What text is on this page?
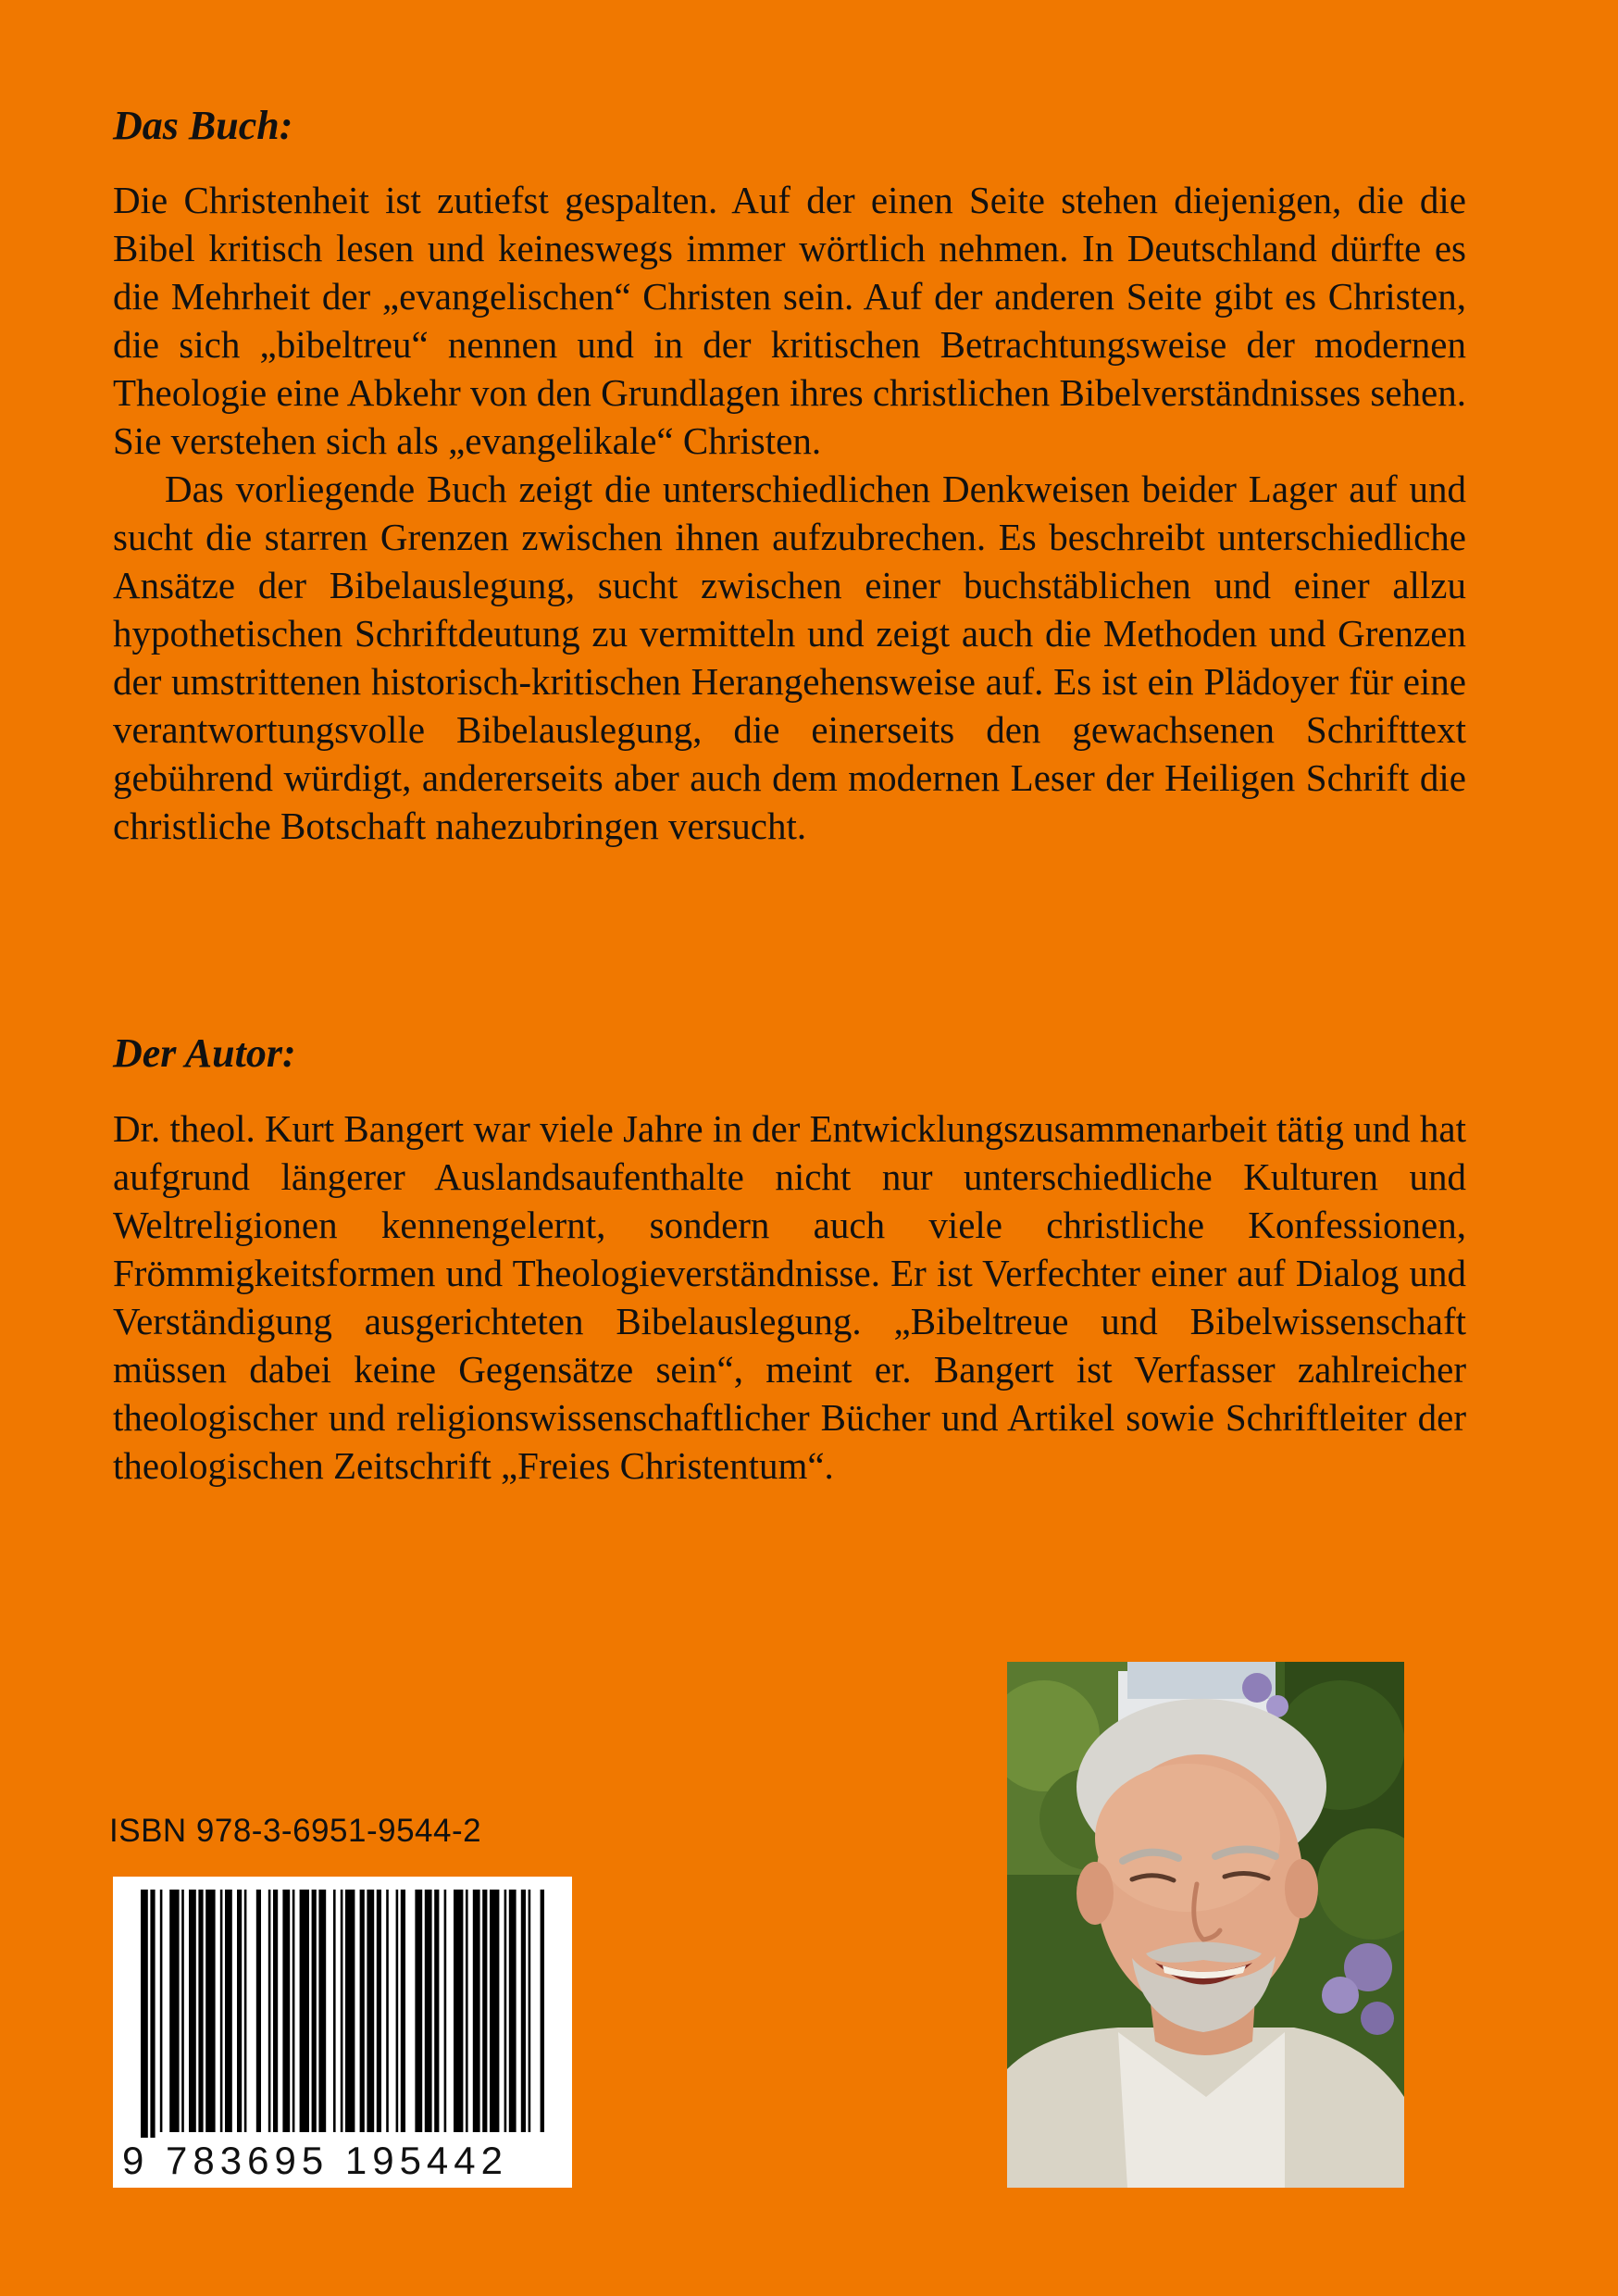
Das Buch:

Die Christenheit ist zutiefst gespalten. Auf der einen Seite stehen diejenigen, die die Bibel kritisch lesen und keineswegs immer wörtlich nehmen. In Deutschland dürfte es die Mehrheit der „evangelischen“ Christen sein. Auf der anderen Seite gibt es Christen, die sich „bibeltreu“ nennen und in der kritischen Betrachtungsweise der modernen Theologie eine Abkehr von den Grundlagen ihres christlichen Bibelverständnisses sehen. Sie verstehen sich als „evangelikale“ Christen.

Das vorliegende Buch zeigt die unterschiedlichen Denkweisen beider Lager auf und sucht die starren Grenzen zwischen ihnen aufzubrechen. Es beschreibt unterschiedliche Ansätze der Bibelauslegung, sucht zwischen einer buchstäblichen und einer allzu hypothetischen Schriftdeutung zu vermitteln und zeigt auch die Methoden und Grenzen der umstrittenen historisch-kritischen Herangehensweise auf. Es ist ein Plädoyer für eine verantwortungsvolle Bibelauslegung, die einerseits den gewachsenen Schrifttext gebührend würdigt, andererseits aber auch dem modernen Leser der Heiligen Schrift die christliche Botschaft nahezubringen versucht.

Der Autor:

Dr. theol. Kurt Bangert war viele Jahre in der Entwicklungszusammenarbeit tätig und hat aufgrund längerer Auslandsaufenthalte nicht nur unterschiedliche Kulturen und Weltreligionen kennengelernt, sondern auch viele christliche Konfessionen, Frömmigkeitsformen und Theologieverständnisse. Er ist Verfechter einer auf Dialog und Verständigung ausgerichteten Bibelauslegung. „Bibeltreue und Bibelwissenschaft müssen dabei keine Gegensätze sein“, meint er. Bangert ist Verfasser zahlreicher theologischer und religionswissenschaftlicher Bücher und Artikel sowie Schriftleiter der theologischen Zeitschrift „Freies Christentum“.

ISBN 978-3-6951-9544-2
9 783695 195442
